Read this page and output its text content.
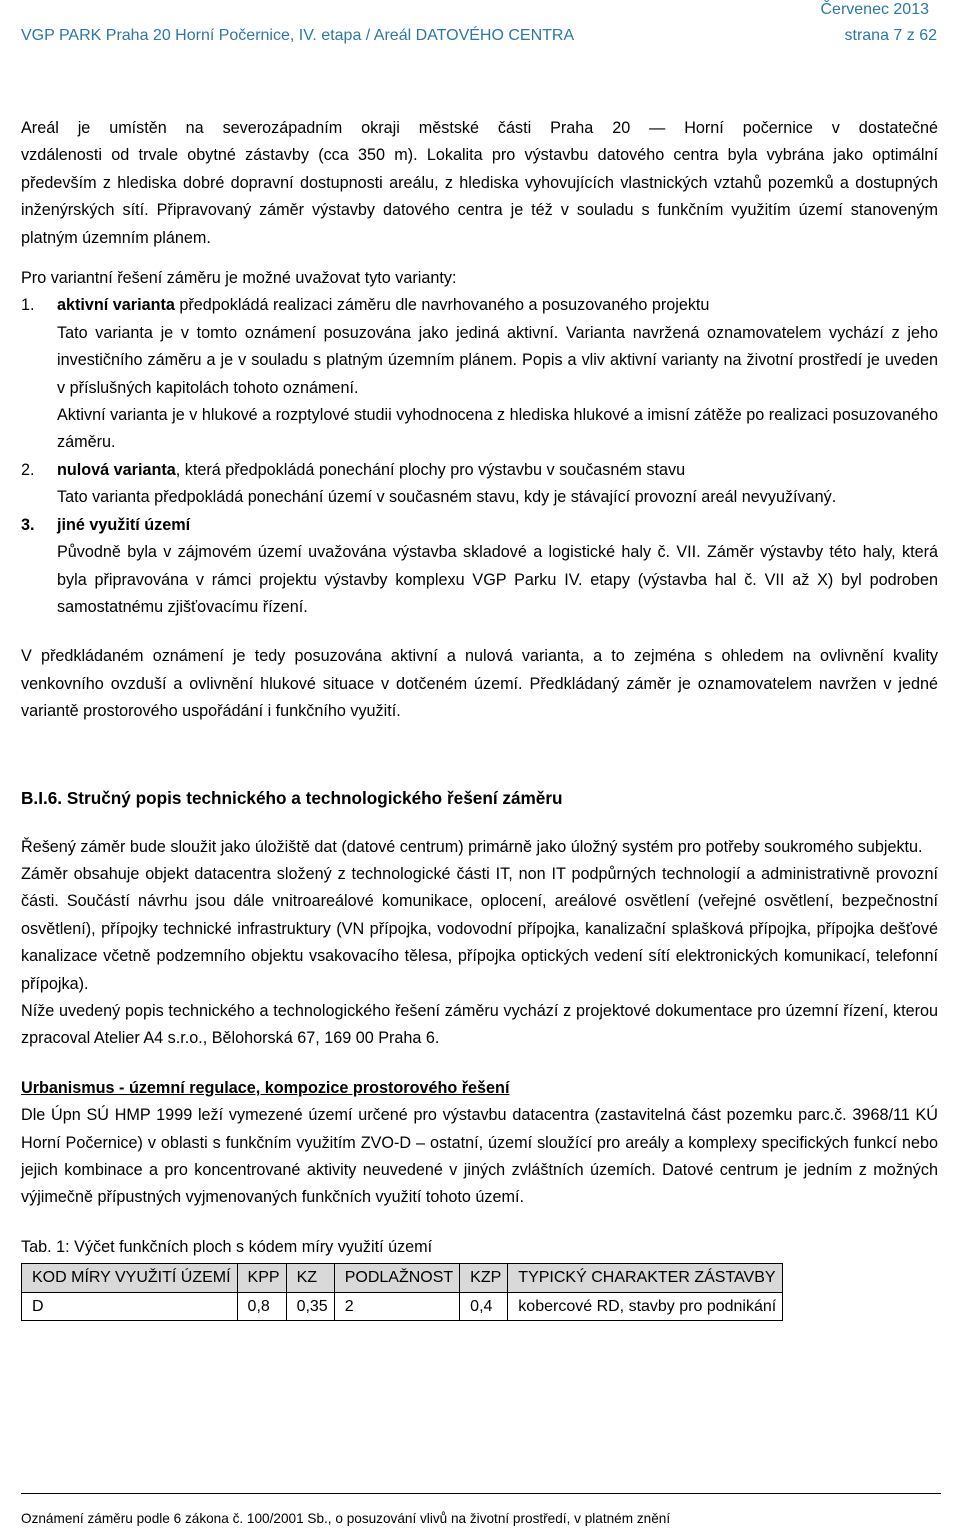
Červenec 2013
VGP PARK Praha 20 Horní Počernice, IV. etapa / Areál DATOVÉHO CENTRA	strana 7 z 62

Areál je umístěn na severozápadním okraji městské části Praha 20 — Horní počernice v dostatečné

vzdálenosti od trvale obytné zástavby (cca 350 m). Lokalita pro výstavbu datového centra byla vybrána jako optimální především z hlediska dobré dopravní dostupnosti areálu, z hlediska vyhovujících vlastnických vztahů pozemků a dostupných inženýrských sítí. Připravovaný záměr výstavby datového centra je též v souladu s funkčním využitím území stanoveným platným územním plánem.

Pro variantní řešení záměru je možné uvažovat tyto varianty:

1.	aktivní varianta předpokládá realizaci záměru dle navrhovaného a posuzovaného projektu

Tato varianta je v tomto oznámení posuzována jako jediná aktivní. Varianta navržená oznamovatelem vychází z jeho investičního záměru a je v souladu s platným územním plánem. Popis a vliv aktivní varianty na životní prostředí je uveden v příslušných kapitolách tohoto oznámení.

Aktivní varianta je v hlukové a rozptylové studii vyhodnocena z hlediska hlukové a imisní zátěže po realizaci posuzovaného záměru.

2.	nulová varianta, která předpokládá ponechání plochy pro výstavbu v současném stavu

Tato varianta předpokládá ponechání území v současném stavu, kdy je stávající provozní areál nevyužívaný.

3.	jiné využití území

Původně byla v zájmovém území uvažována výstavba skladové a logistické haly č. VII. Záměr výstavby této haly, která byla připravována v rámci projektu výstavby komplexu VGP Parku IV. etapy (výstavba hal č. VII až X) byl podroben samostatnému zjišťovacímu řízení.

V předkládaném oznámení je tedy posuzována aktivní a nulová varianta, a to zejména s ohledem na ovlivnění kvality venkovního ovzduší a ovlivnění hlukové situace v dotčeném území. Předkládaný záměr je oznamovatelem navržen v jedné variantě prostorového uspořádání i funkčního využití.

B.I.6. Stručný popis technického a technologického řešení záměru

Řešený záměr bude sloužit jako úložiště dat (datové centrum) primárně jako úložný systém pro potřeby soukromého subjektu.

Záměr obsahuje objekt datacentra složený z technologické části IT, non IT podpůrných technologií a administrativně provozní části. Součástí návrhu jsou dále vnitroareálové komunikace, oplocení, areálové osvětlení (veřejné osvětlení, bezpečnostní osvětlení), přípojky technické infrastruktury (VN přípojka, vodovodní přípojka, kanalizační splašková přípojka, přípojka dešťové kanalizace včetně podzemního objektu vsakovacího tělesa, přípojka optických vedení sítí elektronických komunikací, telefonní přípojka).

Níže uvedený popis technického a technologického řešení záměru vychází z projektové dokumentace pro územní řízení, kterou zpracoval Atelier A4 s.r.o., Bělohorská 67, 169 00 Praha 6.

Urbanismus - územní regulace, kompozice prostorového řešení

Dle Úpn SÚ HMP 1999 leží vymezené území určené pro výstavbu datacentra (zastavitelná část pozemku parc.č. 3968/11 KÚ Horní Počernice) v oblasti s funkčním využitím ZVO-D – ostatní, území sloužící pro areály a komplexy specifických funkcí nebo jejich kombinace a pro koncentrované aktivity neuvedené v jiných zvláštních územích. Datové centrum je jedním z možných výjimečně přípustných vyjmenovaných funkčních využití tohoto území.

Tab. 1: Výčet funkčních ploch s kódem míry využití území

KOD MÍRY VYUŽITÍ ÚZEMÍ	KPP	KZ	PODLAŽNOST	KZP	TYPICKÝ CHARAKTER ZÁSTAVBY
D	0,8	0,35	2	0,4	kobercové RD, stavby pro podnikání
Oznámení záměru podle 6 zákona č. 100/2001 Sb., o posuzování vlivů na životní prostředí, v platném znění
